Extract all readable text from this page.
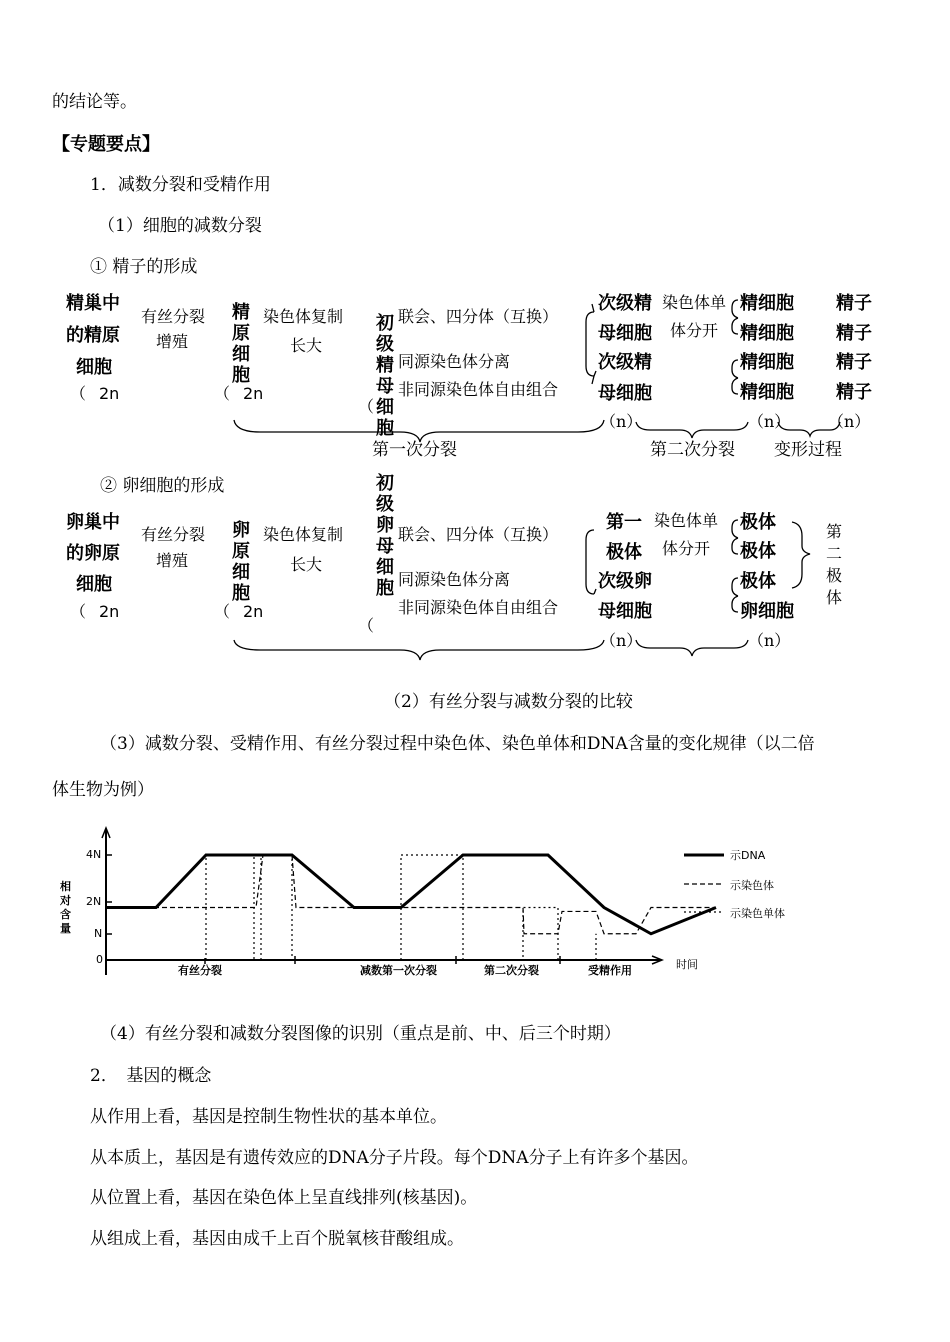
的结论等。
【专题要点】
1．减数分裂和受精作用
（1）细胞的减数分裂
① 精子的形成
精巢中
的精原
细胞
（ 2n
有丝分裂
增殖
精原细胞
（ 2n
染色体复制
长大
初级精母细胞
（
联会、四分体（互换）
同源染色体分离
非同源染色体自由组合
次级精
母细胞
次级精
母细胞
染色体单
体分开
精细胞
精细胞
精细胞
精细胞
精子
精子
精子
精子
（n）	（n） （n）
第一次分裂	第二次分裂 变形过程
② 卵细胞的形成
卵巢中
的卵原
细胞
（ 2n
有丝分裂
增殖
卵原细胞
（ 2n
染色体复制
长大
初级卵母细胞
（
联会、四分体（互换）
同源染色体分离
非同源染色体自由组合
第一
极体
次级卵
母细胞
染色体单
体分开
极体
极体
极体
卵细胞
第二极体
（n）	（n）
（2）有丝分裂与减数分裂的比较
（3）减数分裂、受精作用、有丝分裂过程中染色体、染色单体和DNA含量的变化规律（以二倍
体生物为例）
4N
2N
N
0
相对含量
时间
有丝分裂	减数第一次分裂	第二次分裂	受精作用
示DNA
示染色体
示染色单体
（4）有丝分裂和减数分裂图像的识别（重点是前、中、后三个时期）
2．　基因的概念
从作用上看，基因是控制生物性状的基本单位。
从本质上，基因是有遗传效应的DNA分子片段。每个DNA分子上有许多个基因。
从位置上看，基因在染色体上呈直线排列(核基因)。
从组成上看，基因由成千上百个脱氧核苷酸组成。
